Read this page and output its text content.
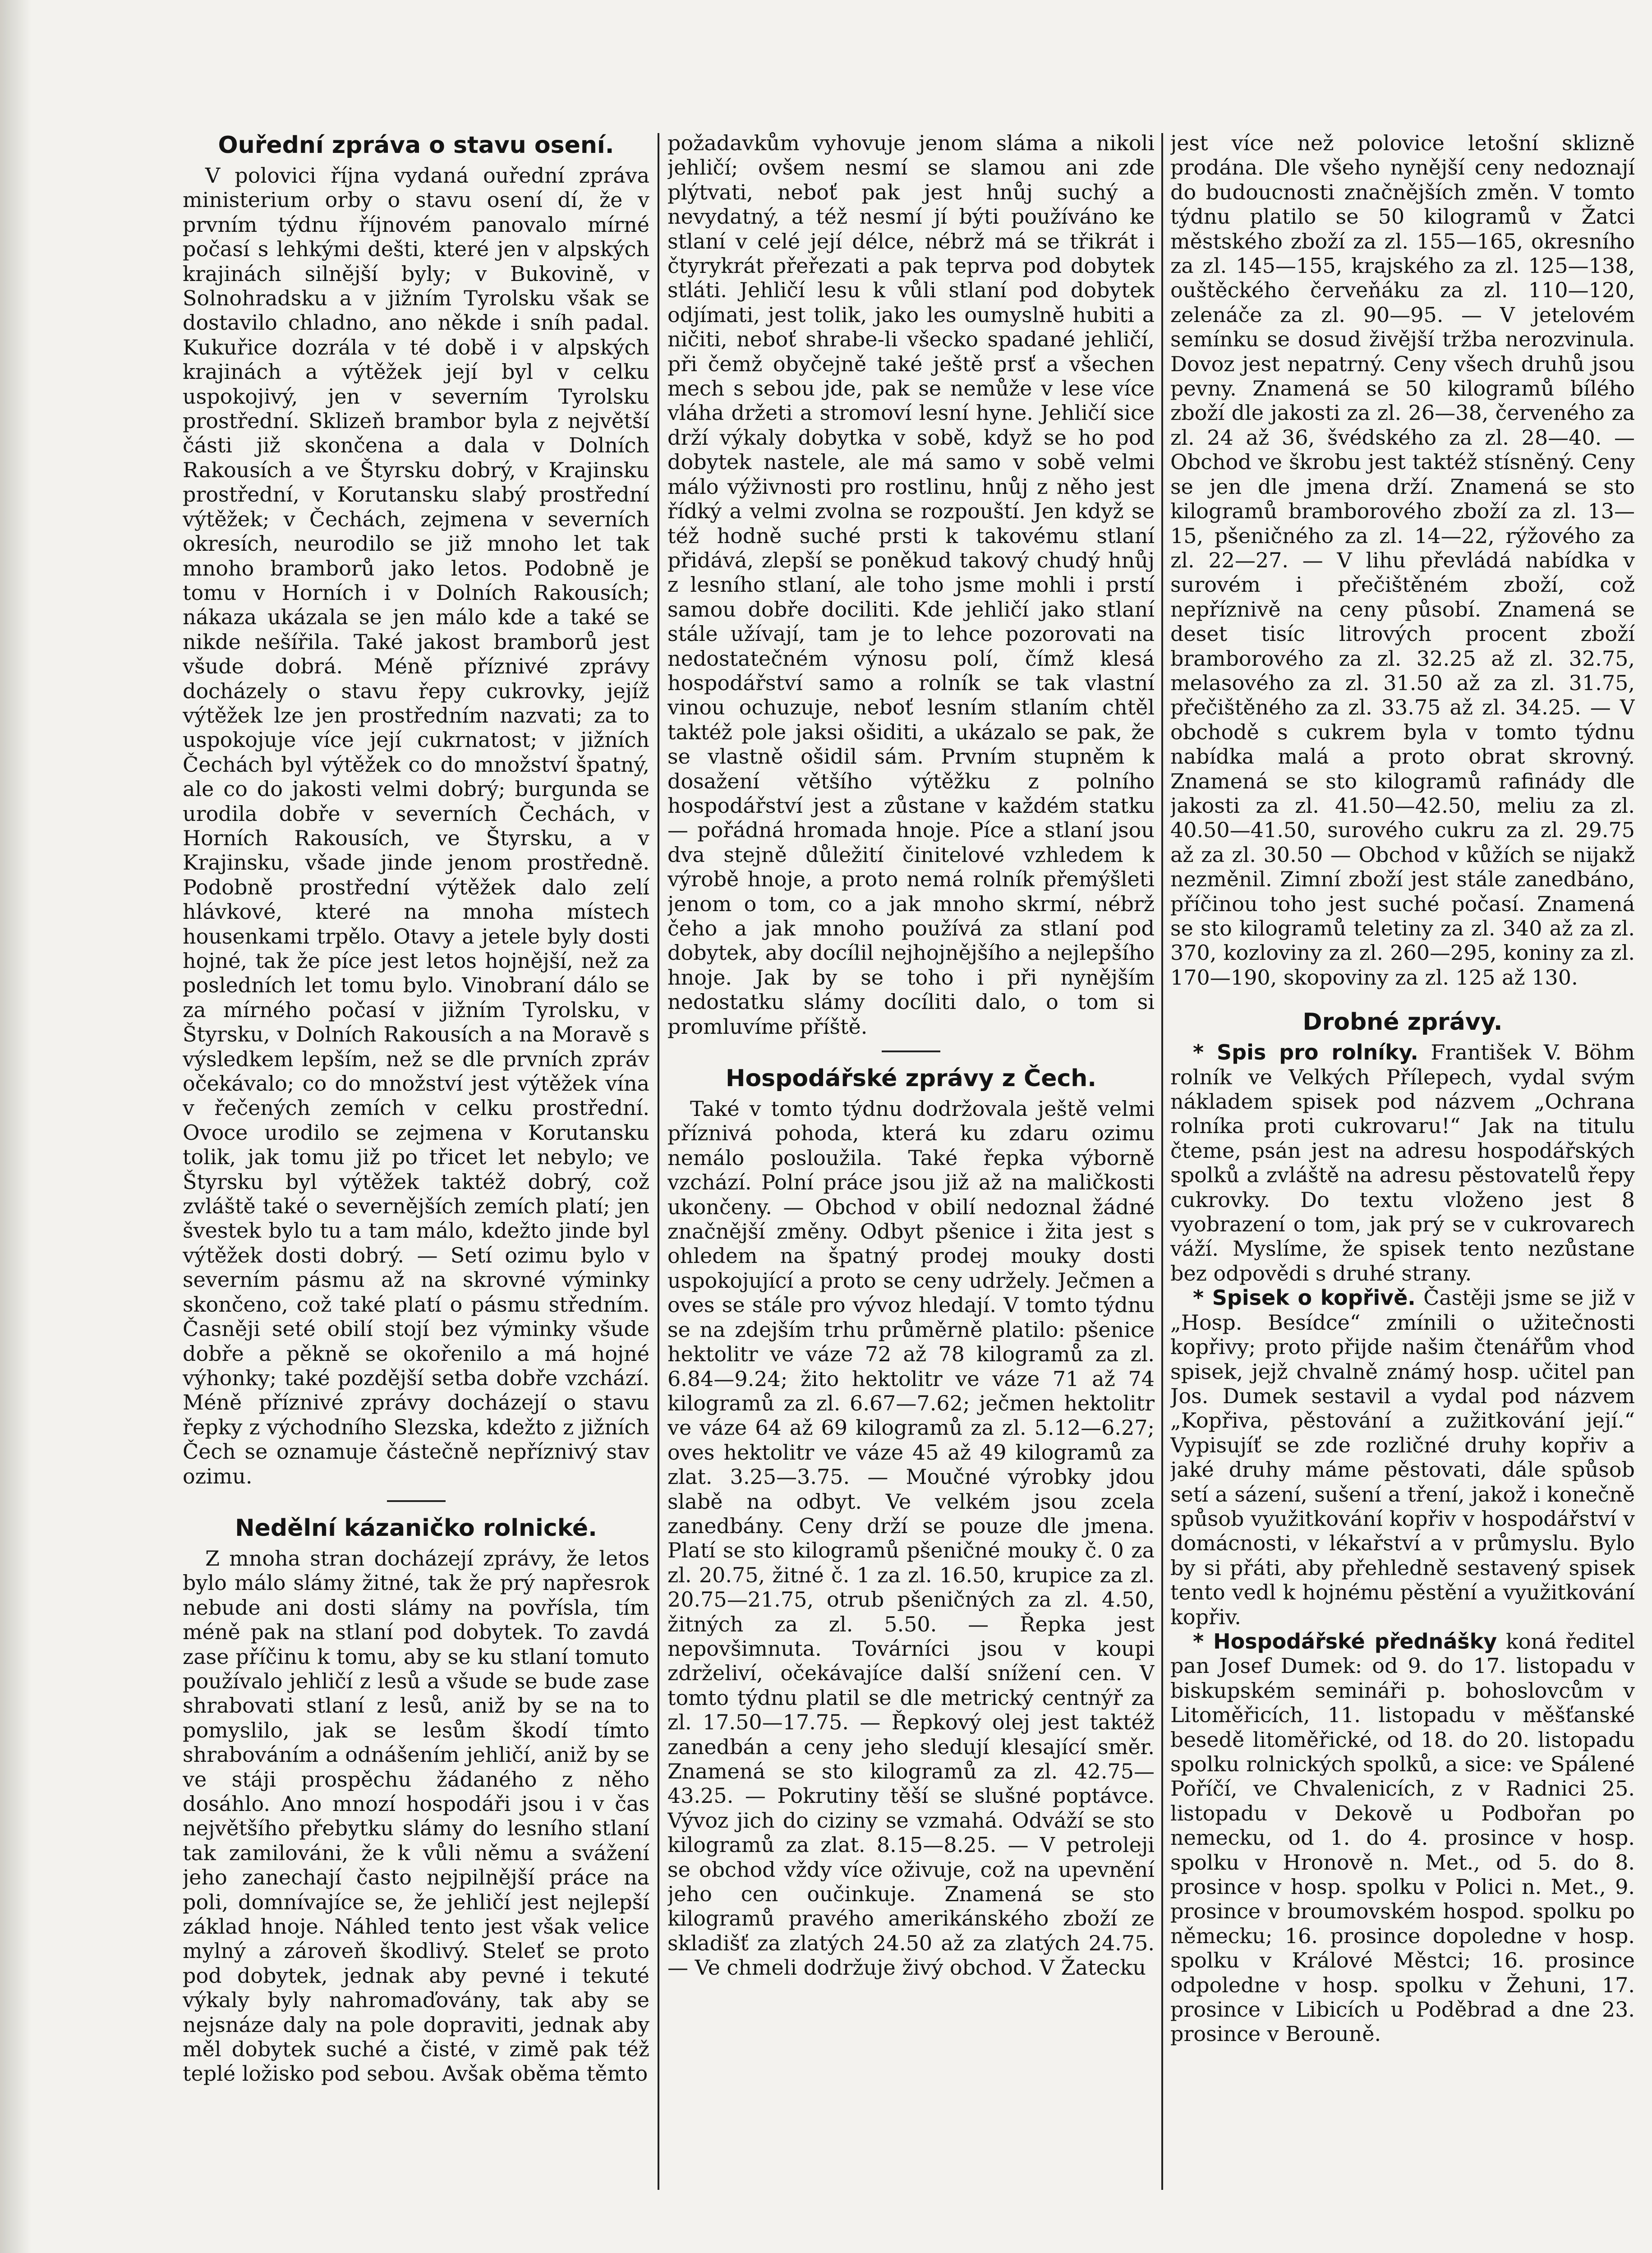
Ouřední zpráva o stavu osení.

V polovici října vydaná ouřední zpráva ministerium orby o stavu osení dí, že v prvním týdnu říjnovém panovalo mírné počasí s lehkými dešti, které jen v alpských krajinách silnější byly; v Bukovině, v Solnohradsku a v jižním Tyrolsku však se dostavilo chladno, ano někde i sníh padal. Kukuřice dozrála v té době i v alpských krajinách a výtěžek její byl v celku uspokojivý, jen v severním Tyrolsku prostřední. Sklizeň brambor byla z největší části již skončena a dala v Dolních Rakousích a ve Štyrsku dobrý, v Krajinsku prostřední, v Korutansku slabý prostřední výtěžek; v Čechách, zejmena v severních okresích, neurodilo se již mnoho let tak mnoho bramborů jako letos. Podobně je tomu v Horních i v Dolních Rakousích; nákaza ukázala se jen málo kde a také se nikde nešířila. Také jakost bramborů jest všude dobrá. Méně příznivé zprávy docházely o stavu řepy cukrovky, jejíž výtěžek lze jen prostředním nazvati; za to uspokojuje více její cukrnatost; v jižních Čechách byl výtěžek co do množství špatný, ale co do jakosti velmi dobrý; burgunda se urodila dobře v severních Čechách, v Horních Rakousích, ve Štyrsku, a v Krajinsku, všade jinde jenom prostředně. Podobně prostřední výtěžek dalo zelí hlávkové, které na mnoha místech housenkami trpělo. Otavy a jetele byly dosti hojné, tak že píce jest letos hojnější, než za posledních let tomu bylo. Vinobraní dálo se za mírného počasí v jižním Tyrolsku, v Štyrsku, v Dolních Rakousích a na Moravě s výsledkem lepším, než se dle prvních zpráv očekávalo; co do množství jest výtěžek vína v řečených zemích v celku prostřední. Ovoce urodilo se zejmena v Korutansku tolik, jak tomu již po třicet let nebylo; ve Štyrsku byl výtěžek taktéž dobrý, což zvláště také o severnějších zemích platí; jen švestek bylo tu a tam málo, kdežto jinde byl výtěžek dosti dobrý. — Setí ozimu bylo v severním pásmu až na skrovné výminky skončeno, což také platí o pásmu středním. Časněji seté obilí stojí bez výminky všude dobře a pěkně se okořenilo a má hojné výhonky; také pozdější setba dobře vzchází. Méně příznivé zprávy docházejí o stavu řepky z východního Slezska, kdežto z jižních Čech se oznamuje částečně nepříznivý stav ozimu.

Nedělní kázaničko rolnické.

Z mnoha stran docházejí zprávy, že letos bylo málo slámy žitné, tak že prý napřesrok nebude ani dosti slámy na povříslа, tím méně pak na stlaní pod dobytek. To zavdá zase příčinu k tomu, aby se ku stlaní tomuto používalo jehličí z lesů a všude se bude zase shrabovati stlaní z lesů, aniž by se na to pomyslilo, jak se lesům škodí tímto shrabováním a odnášením jehličí, aniž by se ve stáji prospěchu žádaného z něho dosáhlo. Ano mnozí hospodáři jsou i v čas největšího přebytku slámy do lesního stlaní tak zamilováni, že k vůli němu a svážení jeho zanechají často nejpilnější práce na poli, domnívajíce se, že jehličí jest nejlepší základ hnoje. Náhled tento jest však velice mylný a zároveň škodlivý. Steleť se proto pod dobytek, jednak aby pevné i tekuté výkaly byly nahromaďovány, tak aby se nejsnáze daly na pole dopraviti, jednak aby měl dobytek suché a čisté, v zimě pak též teplé ložisko pod sebou. Avšak oběma těmto

požadavkům vyhovuje jenom sláma a nikoli jehličí; ovšem nesmí se slamou ani zde plýtvati, neboť pak jest hnůj suchý a nevydatný, a též nesmí jí býti používáno ke stlaní v celé její délce, nébrž má se třikrát i čtyrykrát přeřezati a pak teprva pod dobytek stláti. Jehličí lesu k vůli stlaní pod dobytek odjímati, jest tolik, jako les oumyslně hubiti a ničiti, neboť shrabe-li všecko spadané jehličí, při čemž obyčejně také ještě prsť a všechen mech s sebou jde, pak se nemůže v lese více vláha držeti a stromoví lesní hyne. Jehličí sice drží výkaly dobytka v sobě, když se ho pod dobytek nastele, ale má samo v sobě velmi málo výživnosti pro rostlinu, hnůj z něho jest řídký a velmi zvolna se rozpouští. Jen když se též hodně suché prsti k takovému stlaní přidává, zlepší se poněkud takový chudý hnůj z lesního stlaní, ale toho jsme mohli i prstí samou dobře dociliti. Kde jehličí jako stlaní stále užívají, tam je to lehce pozorovati na nedostatečném výnosu polí, čímž klesá hospodářství samo a rolník se tak vlastní vinou ochuzuje, neboť lesním stlaním chtěl taktéž pole jaksi ošiditi, a ukázalo se pak, že se vlastně ošidil sám. Prvním stupněm k dosažení většího výtěžku z polního hospodářství jest a zůstane v každém statku — pořádná hromada hnoje. Píce a stlaní jsou dva stejně důležití činitelové vzhledem k výrobě hnoje, a proto nemá rolník přemýšleti jenom o tom, co a jak mnoho skrmí, nébrž čeho a jak mnoho používá za stlaní pod dobytek, aby docílil nejhojnějšího a nejlepšího hnoje. Jak by se toho i při nynějším nedostatku slámy docíliti dalo, o tom si promluvíme příště.

Hospodářské zprávy z Čech.

Také v tomto týdnu dodržovala ještě velmi příznivá pohoda, která ku zdaru ozimu nemálo posloužila. Také řepka výborně vzchází. Polní práce jsou již až na maličkosti ukončeny. — Obchod v obilí nedoznal žádné značnější změny. Odbyt pšenice i žita jest s ohledem na špatný prodej mouky dosti uspokojující a proto se ceny udržely. Ječmen a oves se stále pro vývoz hledají. V tomto týdnu se na zdejším trhu průměrně platilo: pšenice hektolitr ve váze 72 až 78 kilogramů za zl. 6.84—9.24; žito hektolitr ve váze 71 až 74 kilogramů za zl. 6.67—7.62; ječmen hektolitr ve váze 64 až 69 kilogramů za zl. 5.12—6.27; oves hektolitr ve váze 45 až 49 kilogramů za zlat. 3.25—3.75. — Moučné výrobky jdou slabě na odbyt. Ve velkém jsou zcela zanedbány. Ceny drží se pouze dle jmena. Platí se sto kilogramů pšeničné mouky č. 0 za zl. 20.75, žitné č. 1 za zl. 16.50, krupice za zl. 20.75—21.75, otrub pšeničných za zl. 4.50, žitných za zl. 5.50. — Řepka jest nepovšimnuta. Továrníci jsou v koupi zdrželiví, očekávajíce další snížení cen. V tomto týdnu platil se dle metrický centnýř za zl. 17.50—17.75. — Řepkový olej jest taktéž zanedbán a ceny jeho sledují klesající směr. Znamená se sto kilogramů za zl. 42.75—43.25. — Pokrutiny těší se slušné poptávce. Vývoz jich do ciziny se vzmahá. Odváží se sto kilogramů za zlat. 8.15—8.25. — V petroleji se obchod vždy více oživuje, což na upevnění jeho cen oučinkuje. Znamená se sto kilogramů pravého amerikánského zboží ze skladišť za zlatých 24.50 až za zlatých 24.75. — Ve chmeli dodržuje živý obchod. V Žatecku

jest více než polovice letošní sklizně prodána. Dle všeho nynější ceny nedoznají do budoucnosti značnějších změn. V tomto týdnu platilo se 50 kilogramů v Žatci městského zboží za zl. 155—165, okresního za zl. 145—155, krajského za zl. 125—138, ouštěckého červeňáku za zl. 110—120, zelenáče za zl. 90—95. — V jetelovém semínku se dosud živější tržba nerozvinula. Dovoz jest nepatrný. Ceny všech druhů jsou pevny. Znamená se 50 kilogramů bílého zboží dle jakosti za zl. 26—38, červeného za zl. 24 až 36, švédského za zl. 28—40. — Obchod ve škrobu jest taktéž stísněný. Ceny se jen dle jmena drží. Znamená se sto kilogramů bramborového zboží za zl. 13—15, pšeničného za zl. 14—22, rýžového za zl. 22—27. — V lihu převládá nabídka v surovém i přečištěném zboží, což nepříznivě na ceny působí. Znamená se deset tisíc litrových procent zboží bramborového za zl. 32.25 až zl. 32.75, melasového za zl. 31.50 až za zl. 31.75, přečištěného za zl. 33.75 až zl. 34.25. — V obchodě s cukrem byla v tomto týdnu nabídka malá a proto obrat skrovný. Znamená se sto kilogramů rafinády dle jakosti za zl. 41.50—42.50, meliu za zl. 40.50—41.50, surového cukru za zl. 29.75 až za zl. 30.50 — Obchod v kůžích se nijakž nezměnil. Zimní zboží jest stále zanedbáno, příčinou toho jest suché počasí. Znamená se sto kilogramů teletiny za zl. 340 až za zl. 370, kozloviny za zl. 260—295, koniny za zl. 170—190, skopoviny za zl. 125 až 130.

Drobné zprávy.

* Spis pro rolníky. František V. Böhm rolník ve Velkých Přílepech, vydal svým nákladem spisek pod názvem „Ochrana rolníka proti cukrovaru!“ Jak na titulu čteme, psán jest na adresu hospodářských spolků a zvláště na adresu pěstovatelů řepy cukrovky. Do textu vloženo jest 8 vyobrazení o tom, jak prý se v cukrovarech váží. Myslíme, že spisek tento nezůstane bez odpovědi s druhé strany.

* Spisek o kopřivě. Častěji jsme se již v „Hosp. Besídce“ zmínili o užitečnosti kopřivy; proto přijde našim čtenářům vhod spisek, jejž chvalně známý hosp. učitel pan Jos. Dumek sestavil a vydal pod názvem „Kopřiva, pěstování a zužitkování její.“ Vypisujíť se zde rozličné druhy kopřiv a jaké druhy máme pěstovati, dále spůsob setí a sázení, sušení a tření, jakož i konečně spůsob využitkování kopřiv v hospodářství v domácnosti, v lékařství a v průmyslu. Bylo by si přáti, aby přehledně sestavený spisek tento vedl k hojnému pěstění a využitkování kopřiv.

* Hospodářské přednášky koná ředitel pan Josef Dumek: od 9. do 17. listopadu v biskupském semináři p. bohoslovcům v Litoměřicích, 11. listopadu v měšťanské besedě litoměřické, od 18. do 20. listopadu spolku rolnických spolků, a sice: ve Spálené Poříčí, ve Chvalenicích, z v Radnici 25. listopadu v Dekově u Podbořan po nemecku, od 1. do 4. prosince v hosp. spolku v Hronově n. Met., od 5. do 8. prosince v hosp. spolku v Polici n. Met., 9. prosince v broumovském hospod. spolku po německu; 16. prosince dopoledne v hosp. spolku v Králové Městci; 16. prosince odpoledne v hosp. spolku v Žehuni, 17. prosince v Libicích u Poděbrad a dne 23. prosince v Berouně.
